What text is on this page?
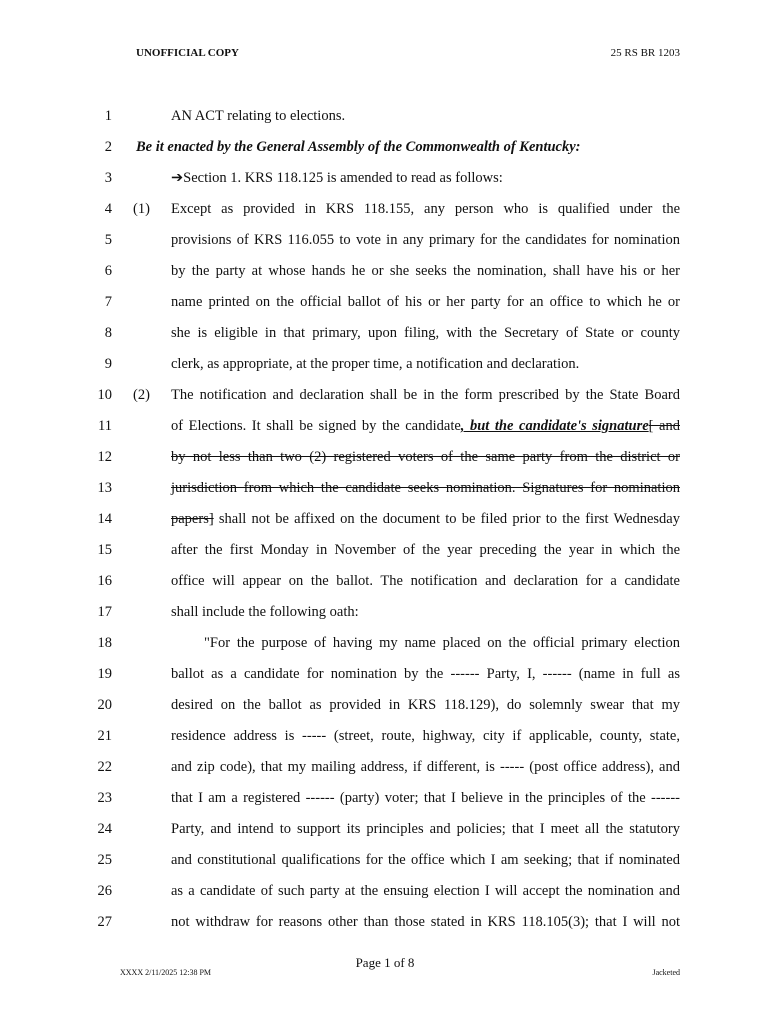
UNOFFICIAL COPY	25 RS BR 1203
1
2
3
4
5
6
7
8
9
10
11
12
13
14
15
16
17
18
19
20
21
22
23
24
25
26
27
(1)
(2)
AN ACT relating to elections.
Be it enacted by the General Assembly of the Commonwealth of Kentucky:
➔Section 1. KRS 118.125 is amended to read as follows:
Except as provided in KRS 118.155, any person who is qualified under the
provisions of KRS 116.055 to vote in any primary for the candidates for nomination
by the party at whose hands he or she seeks the nomination, shall have his or her
name printed on the official ballot of his or her party for an office to which he or
she is eligible in that primary, upon filing, with the Secretary of State or county
clerk, as appropriate, at the proper time, a notification and declaration.
The notification and declaration shall be in the form prescribed by the State Board
of Elections. It shall be signed by the candidate, but the candidate's signature[ and
by not less than two (2) registered voters of the same party from the district or
jurisdiction from which the candidate seeks nomination. Signatures for nomination
papers] shall not be affixed on the document to be filed prior to the first Wednesday
after the first Monday in November of the year preceding the year in which the
office will appear on the ballot. The notification and declaration for a candidate
shall include the following oath:
"For the purpose of having my name placed on the official primary election
ballot as a candidate for nomination by the ------ Party, I, ------ (name in full as
desired on the ballot as provided in KRS 118.129), do solemnly swear that my
residence address is ----- (street, route, highway, city if applicable, county, state,
and zip code), that my mailing address, if different, is ----- (post office address), and
that I am a registered ------ (party) voter; that I believe in the principles of the ------
Party, and intend to support its principles and policies; that I meet all the statutory
and constitutional qualifications for the office which I am seeking; that if nominated
as a candidate of such party at the ensuing election I will accept the nomination and
not withdraw for reasons other than those stated in KRS 118.105(3); that I will not
Page 1 of 8
XXXX 2/11/2025 12:38 PM	Jacketed
